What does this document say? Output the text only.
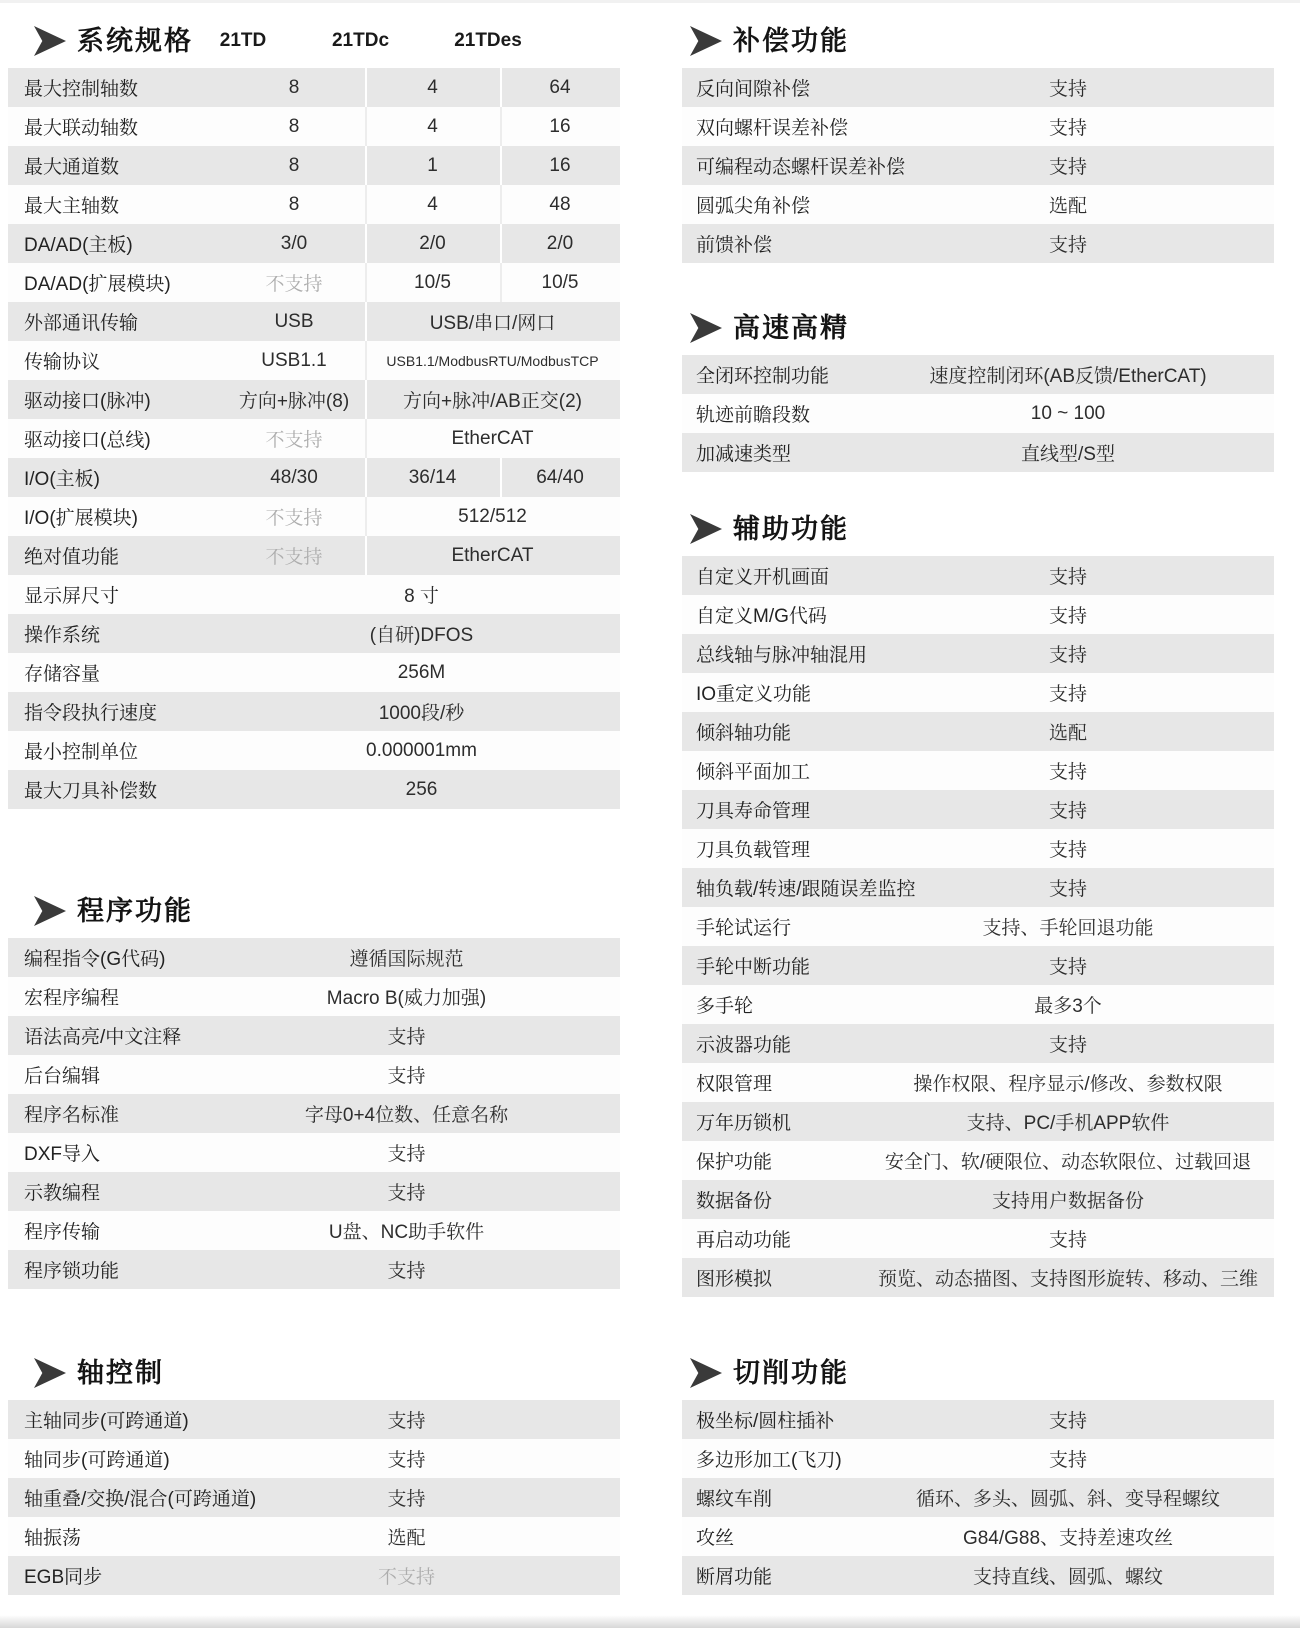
系统规格	21TD	21TDc	21TDes
最大控制轴数	8	4	64
最大联动轴数	8	4	16
最大通道数	8	1	16
最大主轴数	8	4	48
DA/AD(主板)	3/0	2/0	2/0
DA/AD(扩展模块)	不支持	10/5	10/5
外部通讯传输	USB	USB/串口/网口
传输协议	USB1.1	USB1.1/ModbusRTU/ModbusTCP
驱动接口(脉冲)	方向+脉冲(8)	方向+脉冲/AB正交(2)
驱动接口(总线)	不支持	EtherCAT
I/O(主板)	48/30	36/14	64/40
I/O(扩展模块)	不支持	512/512
绝对值功能	不支持	EtherCAT
显示屏尺寸	8 寸
操作系统	(自研)DFOS
存储容量	256M
指令段执行速度	1000段/秒
最小控制单位	0.000001mm
最大刀具补偿数	256
程序功能
编程指令(G代码)	遵循国际规范
宏程序编程	Macro B(威力加强)
语法高亮/中文注释	支持
后台编辑	支持
程序名标准	字母0+4位数、任意名称
DXF导入	支持
示教编程	支持
程序传输	U盘、NC助手软件
程序锁功能	支持
轴控制
主轴同步(可跨通道)	支持
轴同步(可跨通道)	支持
轴重叠/交换/混合(可跨通道)	支持
轴振荡	选配
EGB同步	不支持
补偿功能
反向间隙补偿	支持
双向螺杆误差补偿	支持
可编程动态螺杆误差补偿	支持
圆弧尖角补偿	选配
前馈补偿	支持
高速高精
全闭环控制功能	速度控制闭环(AB反馈/EtherCAT)
轨迹前瞻段数	10 ~ 100
加减速类型	直线型/S型
辅助功能
自定义开机画面	支持
自定义M/G代码	支持
总线轴与脉冲轴混用	支持
IO重定义功能	支持
倾斜轴功能	选配
倾斜平面加工	支持
刀具寿命管理	支持
刀具负载管理	支持
轴负载/转速/跟随误差监控	支持
手轮试运行	支持、手轮回退功能
手轮中断功能	支持
多手轮	最多3个
示波器功能	支持
权限管理	操作权限、程序显示/修改、参数权限
万年历锁机	支持、PC/手机APP软件
保护功能	安全门、软/硬限位、动态软限位、过载回退
数据备份	支持用户数据备份
再启动功能	支持
图形模拟	预览、动态描图、支持图形旋转、移动、三维
切削功能
极坐标/圆柱插补	支持
多边形加工(飞刀)	支持
螺纹车削	循环、多头、圆弧、斜、变导程螺纹
攻丝	G84/G88、支持差速攻丝
断屑功能	支持直线、圆弧、螺纹
